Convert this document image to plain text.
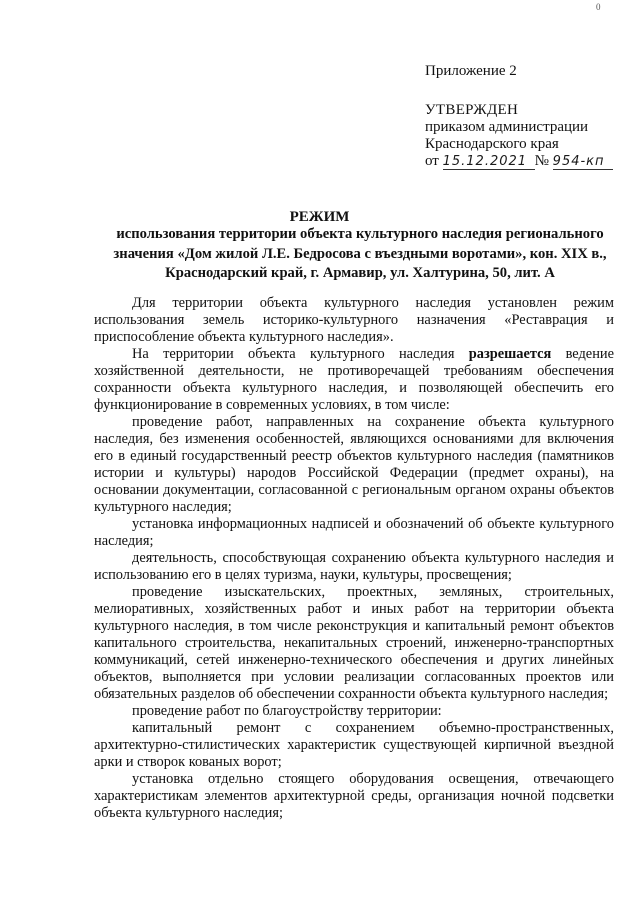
0
Приложение 2
УТВЕРЖДЕН
приказом администрации
Краснодарского края
от 15.12.2021 № 954-кп
РЕЖИМ
использования территории объекта культурного наследия регионального значения «Дом жилой Л.Е. Бедросова с въездными воротами», кон. XIX в., Краснодарский край, г. Армавир, ул. Халтурина, 50, лит. А

Для территории объекта культурного наследия установлен режим использования земель историко-культурного назначения «Реставрация и приспособление объекта культурного наследия».

На территории объекта культурного наследия разрешается ведение хозяйственной деятельности, не противоречащей требованиям обеспечения сохранности объекта культурного наследия, и позволяющей обеспечить его функционирование в современных условиях, в том числе:

проведение работ, направленных на сохранение объекта культурного наследия, без изменения особенностей, являющихся основаниями для включения его в единый государственный реестр объектов культурного наследия (памятников истории и культуры) народов Российской Федерации (предмет охраны), на основании документации, согласованной с региональным органом охраны объектов культурного наследия;

установка информационных надписей и обозначений об объекте культурного наследия;

деятельность, способствующая сохранению объекта культурного наследия и использованию его в целях туризма, науки, культуры, просвещения;

проведение изыскательских, проектных, земляных, строительных, мелиоративных, хозяйственных работ и иных работ на территории объекта культурного наследия, в том числе реконструкция и капитальный ремонт объектов капитального строительства, некапитальных строений, инженерно-транспортных коммуникаций, сетей инженерно-технического обеспечения и других линейных объектов, выполняется при условии реализации согласованных проектов или обязательных разделов об обеспечении сохранности объекта культурного наследия;

проведение работ по благоустройству территории:

капитальный ремонт с сохранением объемно-пространственных, архитектурно-стилистических характеристик существующей кирпичной въездной арки и створок кованых ворот;

установка отдельно стоящего оборудования освещения, отвечающего характеристикам элементов архитектурной среды, организация ночной подсветки объекта культурного наследия;
